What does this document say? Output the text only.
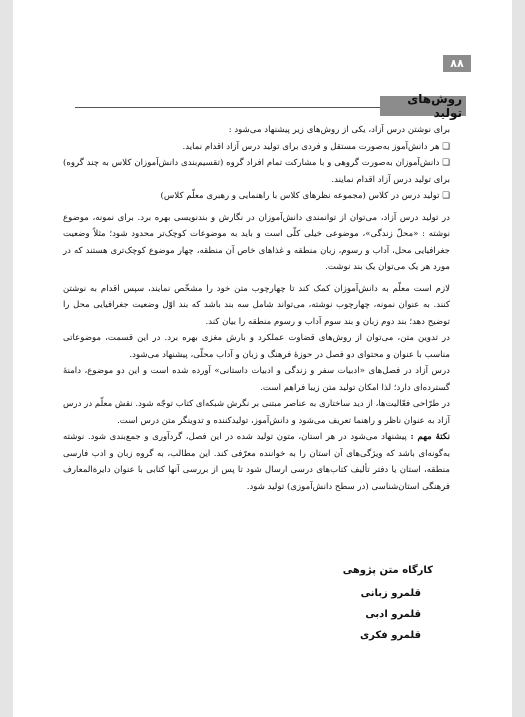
۸۸
روش‌های تولید

برای نوشتن درس آزاد، یکی از روش‌های زیر پیشنهاد می‌شود :

❑ هر دانش‌آموز به‌صورت مستقل و فردی برای تولید درس آزاد اقدام نماید.

❑ دانش‌آموزان به‌صورت گروهی و با مشارکت تمام افراد گروه (تقسیم‌بندی دانش‌آموزان کلاس به چند گروه) برای تولید درس آزاد اقدام نمایند.

❑ تولید درس در کلاس (مجموعه نظرهای کلاس با راهنمایی و رهبری معلّم کلاس)

در تولید درس آزاد، می‌توان از توانمندی دانش‌آموزان در نگارش و بندنویسی بهره برد. برای نمونه، موضوع نوشته : «محلّ زندگی»، موضوعی خیلی کلّی است و باید به موضوعات کوچک‌تر محدود شود؛ مثلاً وضعیت جغرافیایی محل، آداب و رسوم، زبان منطقه و غذاهای خاص آن منطقه، چهار موضوع کوچک‌تری هستند که در مورد هر یک می‌توان یک بند نوشت.

لازم است معلّم به دانش‌آموزان کمک کند تا چهارچوب متن خود را مشخّص نمایند، سپس اقدام به نوشتن کنند. به عنوان نمونه، چهارچوب نوشته، می‌تواند شامل سه بند باشد که بند اوّل وضعیت جغرافیایی محل را توضیح دهد؛ بند دوم زبان و بند سوم آداب و رسوم منطقه را بیان کند.

در تدوین متن، می‌توان از روش‌های قضاوت عملکرد و بارش مغزی بهره برد. در این قسمت، موضوعاتی مناسب با عنوان و محتوای دو فصل در حوزهٔ فرهنگ و زبان و آداب محلّی، پیشنهاد می‌شود.

درس آزاد در فصل‌های «ادبیات سفر و زندگی و ادبیات داستانی» آورده شده است و این دو موضوع، دامنهٔ گسترده‌ای دارد؛ لذا امکان تولید متن زیبا فراهم است.

در طرّاحی فعّالیت‌ها، از دید ساختاری به عناصر مبتنی بر نگرش شبکه‌ای کتاب توجّه شود. نقش معلّم در درس آزاد به عنوان ناظر و راهنما تعریف می‌شود و دانش‌آموز، تولیدکننده و تدوینگر متن درس است.

نکتهٔ مهم : پیشنهاد می‌شود در هر استان، متون تولید شده در این فصل، گردآوری و جمع‌بندی شود. نوشته به‌گونه‌ای باشد که ویژگی‌های آن استان را به خواننده معرّفی کند. این مطالب، به گروه زبان و ادب فارسی منطقه، استان یا دفتر تألیف کتاب‌های درسی ارسال شود تا پس از بررسی آنها کتابی با عنوان دایرة‌المعارف فرهنگی استان‌شناسی (در سطح دانش‌آموزی) تولید شود.

کارگاه متن پژوهی
قلمرو زبانی
قلمرو ادبی
قلمرو فکری
